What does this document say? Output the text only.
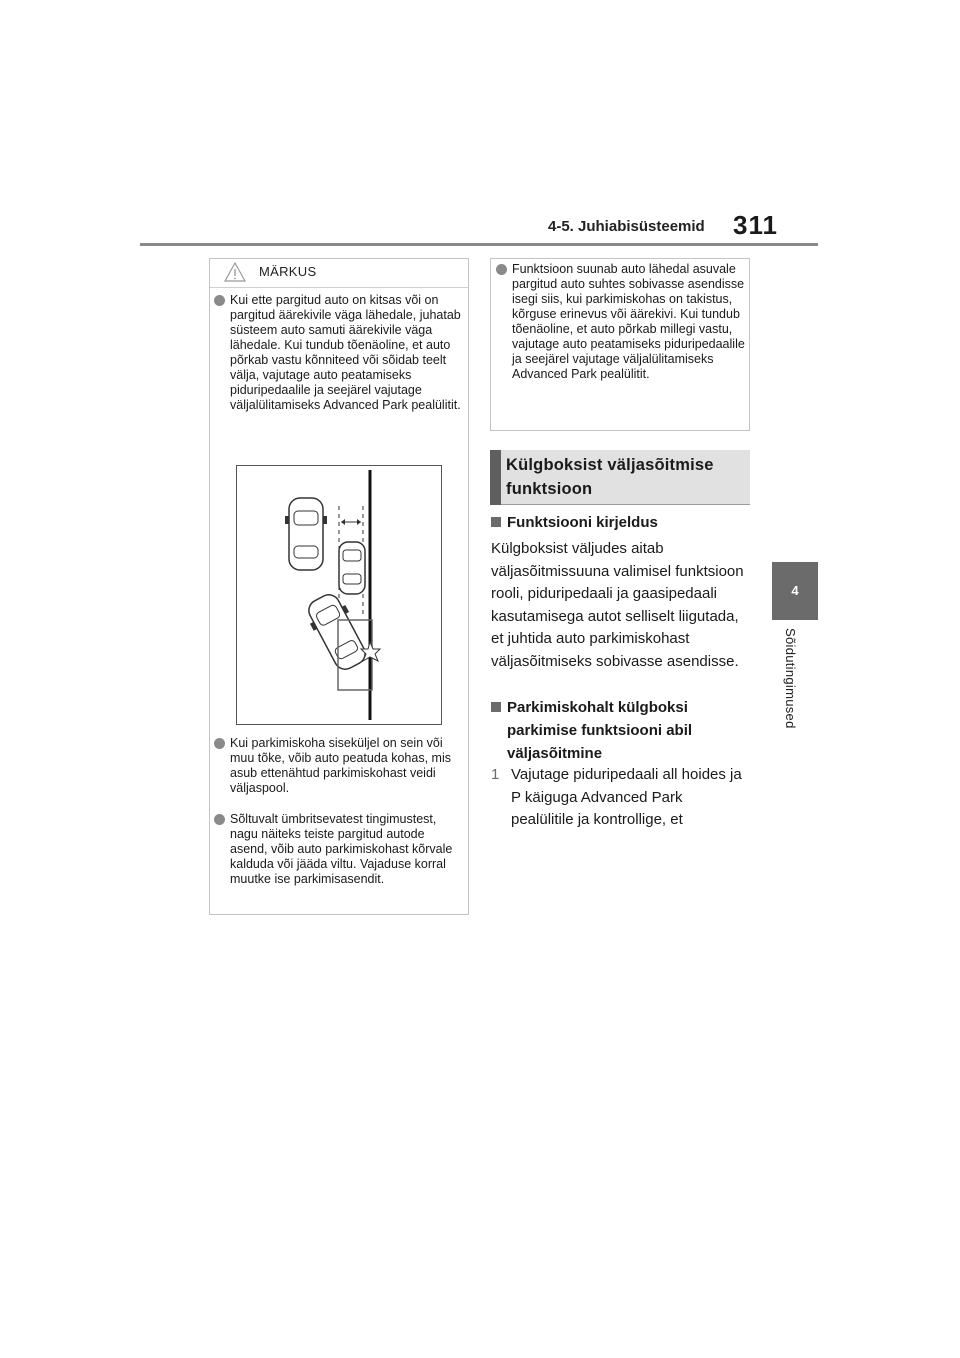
4-5. Juhiabisüsteemid 311
4
Sõidutingimused
MÄRKUS
Kui ette pargitud auto on kitsas või on pargitud äärekivile väga lähedale, juhatab süsteem auto samuti äärekivile väga lähedale. Kui tundub tõenäoline, et auto põrkab vastu kõnniteed või sõidab teelt välja, vajutage auto peatamiseks piduripedaalile ja seejärel vajutage väljalülitamiseks Advanced Park pealülitit.
Kui parkimiskoha siseküljel on sein või muu tõke, võib auto peatuda kohas, mis asub ettenähtud parkimiskohast veidi väljaspool.
Sõltuvalt ümbritsevatest tingimustest, nagu näiteks teiste pargitud autode asend, võib auto parkimiskohast kõrvale kalduda või jääda viltu. Vajaduse korral muutke ise parkimisasendit.
Funktsioon suunab auto lähedal asuvale pargitud auto suhtes sobivasse asendisse isegi siis, kui parkimiskohas on takistus, kõrguse erinevus või äärekivi. Kui tundub tõenäoline, et auto põrkab millegi vastu, vajutage auto peatamiseks piduripedaalile ja seejärel vajutage väljalülitamiseks Advanced Park pealülitit.
Külgboksist väljasõitmise funktsioon
Funktsiooni kirjeldus
Külgboksist väljudes aitab väljasõitmissuuna valimisel funktsioon rooli, piduripedaali ja gaasipedaali kasutamisega autot selliselt liigutada, et juhtida auto parkimiskohast väljasõitmiseks sobivasse asendisse.
Parkimiskohalt külgboksi parkimise funktsiooni abil väljasõitmine
1 Vajutage piduripedaali all hoides ja P käiguga Advanced Park pealülitile ja kontrollige, et
